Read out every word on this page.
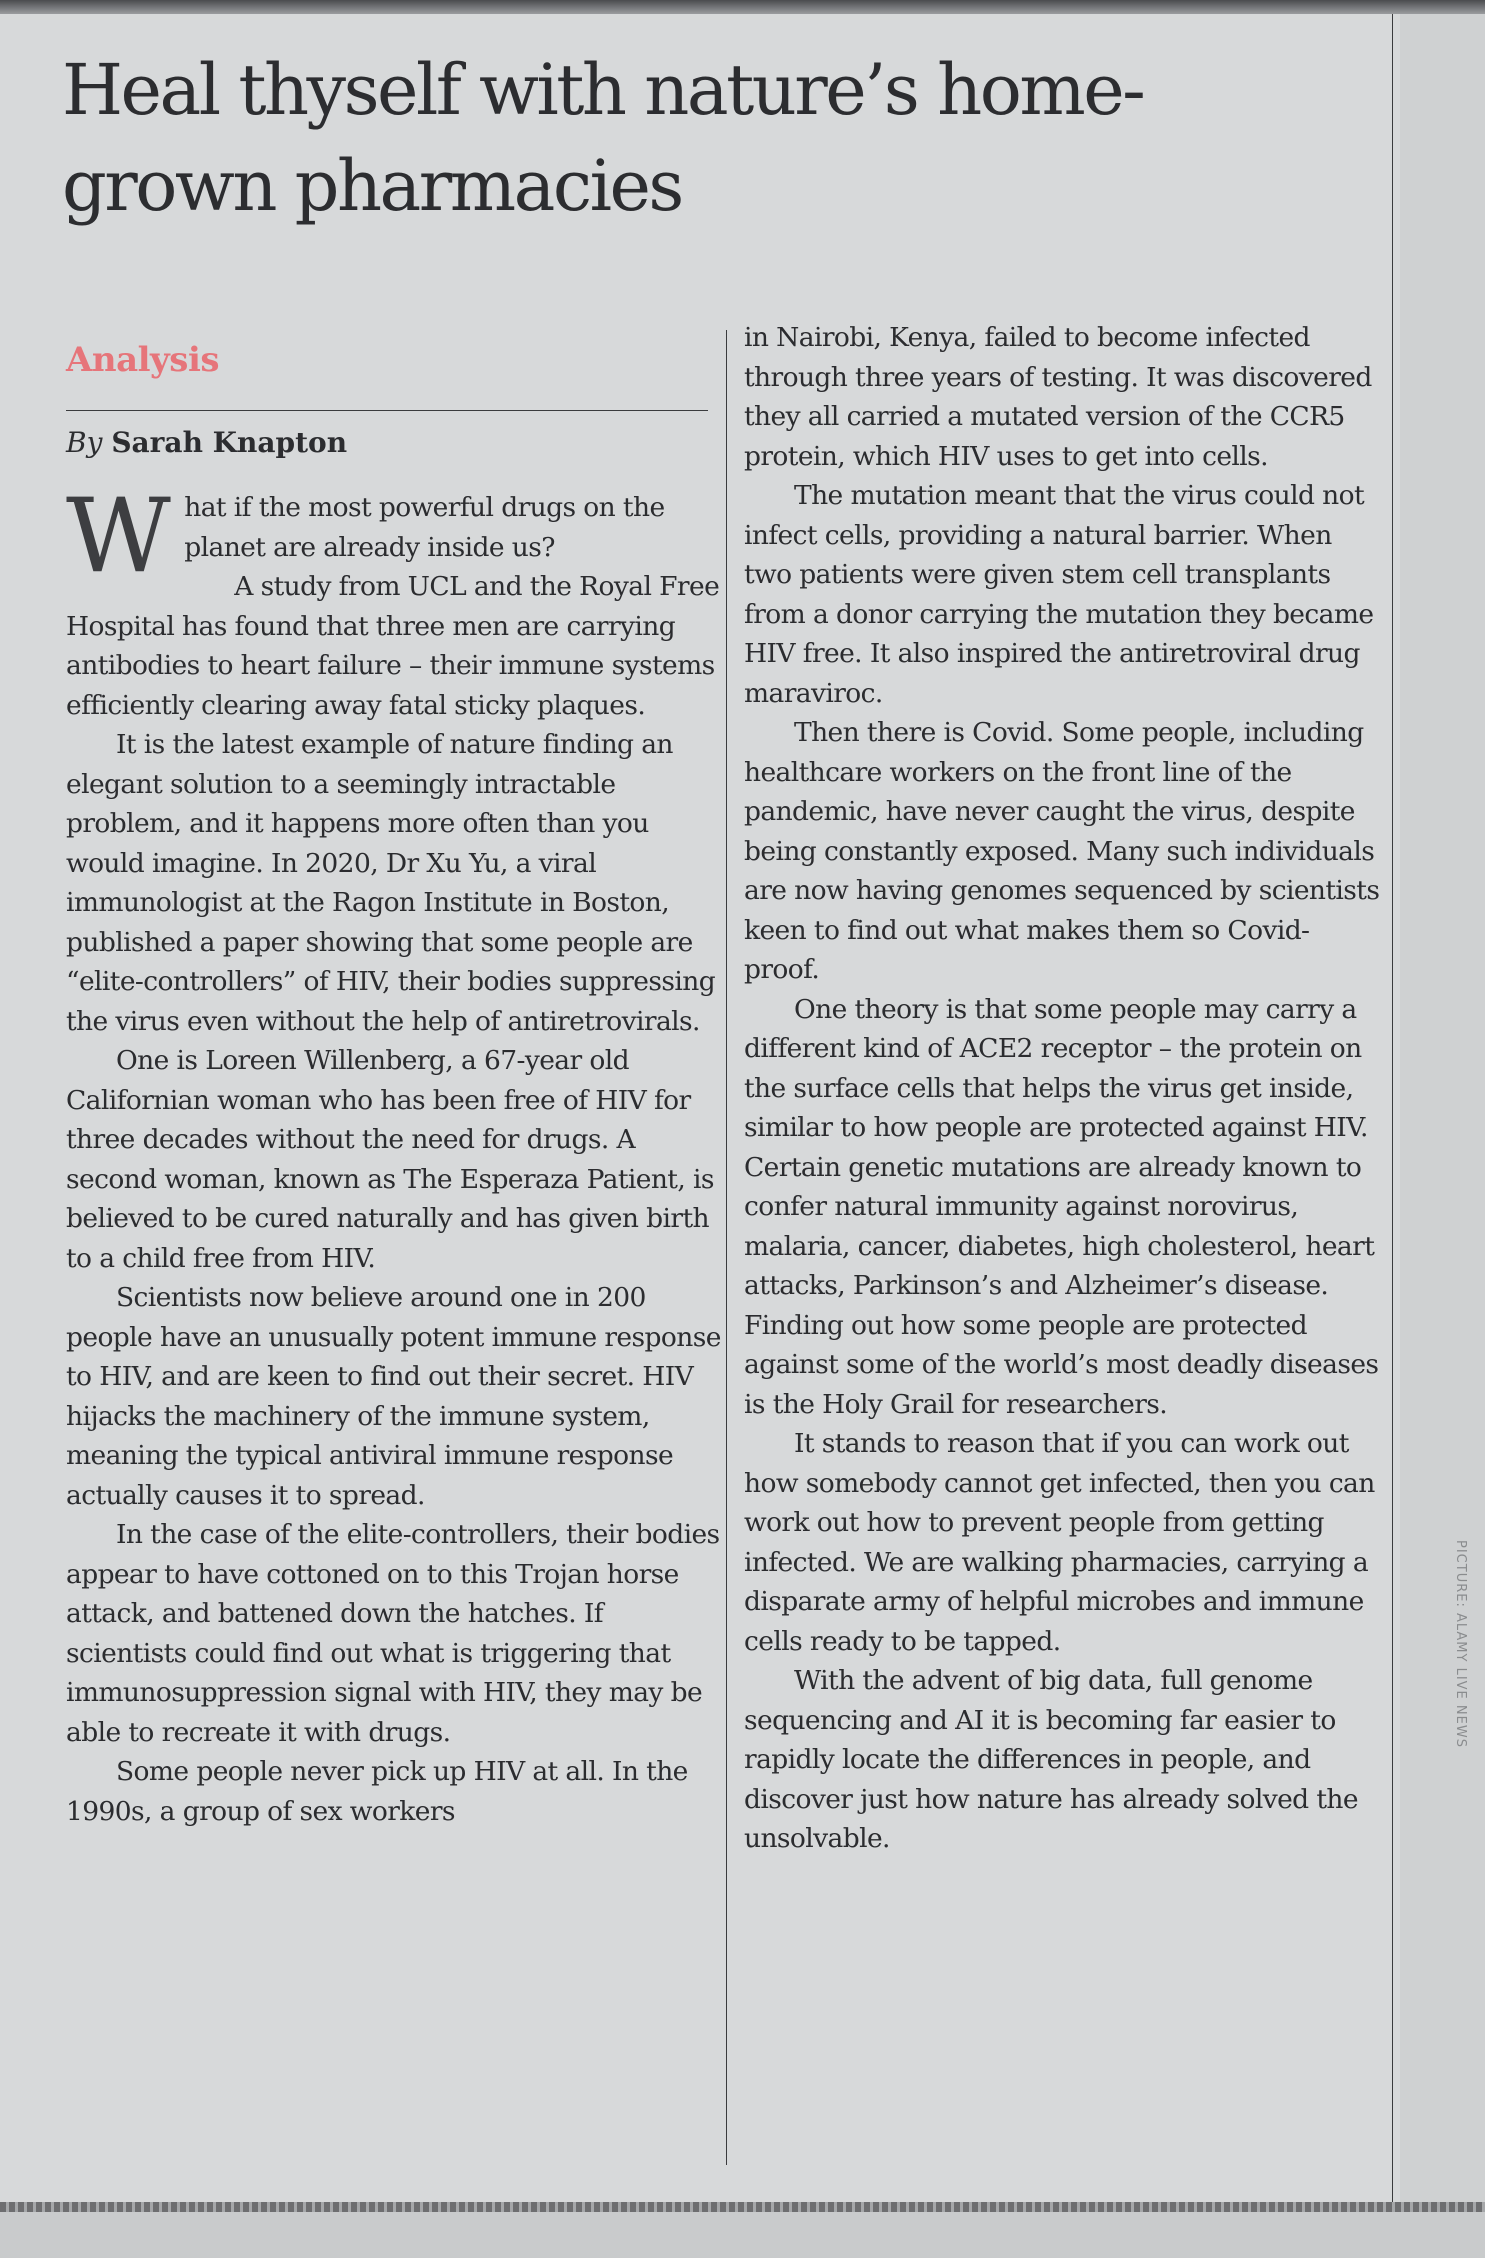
PICTURE: ALAMY LIVE NEWS
Heal thyself with nature’s home-grown pharmacies
Analysis
By Sarah Knapton

What if the most powerful drugs on the planet are already inside us?

A study from UCL and the Royal Free Hospital has found that three men are carrying antibodies to heart failure – their immune systems efficiently clearing away fatal sticky plaques.

It is the latest example of nature finding an elegant solution to a seemingly intractable problem, and it happens more often than you would imagine. In 2020, Dr Xu Yu, a viral immunologist at the Ragon Institute in Boston, published a paper showing that some people are “elite-controllers” of HIV, their bodies suppressing the virus even without the help of antiretrovirals.

One is Loreen Willenberg, a 67-year old Californian woman who has been free of HIV for three decades without the need for drugs. A second woman, known as The Esperaza Patient, is believed to be cured naturally and has given birth to a child free from HIV.

Scientists now believe around one in 200 people have an unusually potent immune response to HIV, and are keen to find out their secret. HIV hijacks the machinery of the immune system, meaning the typical antiviral immune response actually causes it to spread.

In the case of the elite-controllers, their bodies appear to have cottoned on to this Trojan horse attack, and battened down the hatches. If scientists could find out what is triggering that immunosuppression signal with HIV, they may be able to recreate it with drugs.

Some people never pick up HIV at all. In the 1990s, a group of sex workers

in Nairobi, Kenya, failed to become infected through three years of testing. It was discovered they all carried a mutated version of the CCR5 protein, which HIV uses to get into cells.

The mutation meant that the virus could not infect cells, providing a natural barrier. When two patients were given stem cell transplants from a donor carrying the mutation they became HIV free. It also inspired the antiretroviral drug maraviroc.

Then there is Covid. Some people, including healthcare workers on the front line of the pandemic, have never caught the virus, despite being constantly exposed. Many such individuals are now having genomes sequenced by scientists keen to find out what makes them so Covid-proof.

One theory is that some people may carry a different kind of ACE2 receptor – the protein on the surface cells that helps the virus get inside, similar to how people are protected against HIV. Certain genetic mutations are already known to confer natural immunity against norovirus, malaria, cancer, diabetes, high cholesterol, heart attacks, Parkinson’s and Alzheimer’s disease. Finding out how some people are protected against some of the world’s most deadly diseases is the Holy Grail for researchers.

It stands to reason that if you can work out how somebody cannot get infected, then you can work out how to prevent people from getting infected. We are walking pharmacies, carrying a disparate army of helpful microbes and immune cells ready to be tapped.

With the advent of big data, full genome sequencing and AI it is becoming far easier to rapidly locate the differences in people, and discover just how nature has already solved the unsolvable.
